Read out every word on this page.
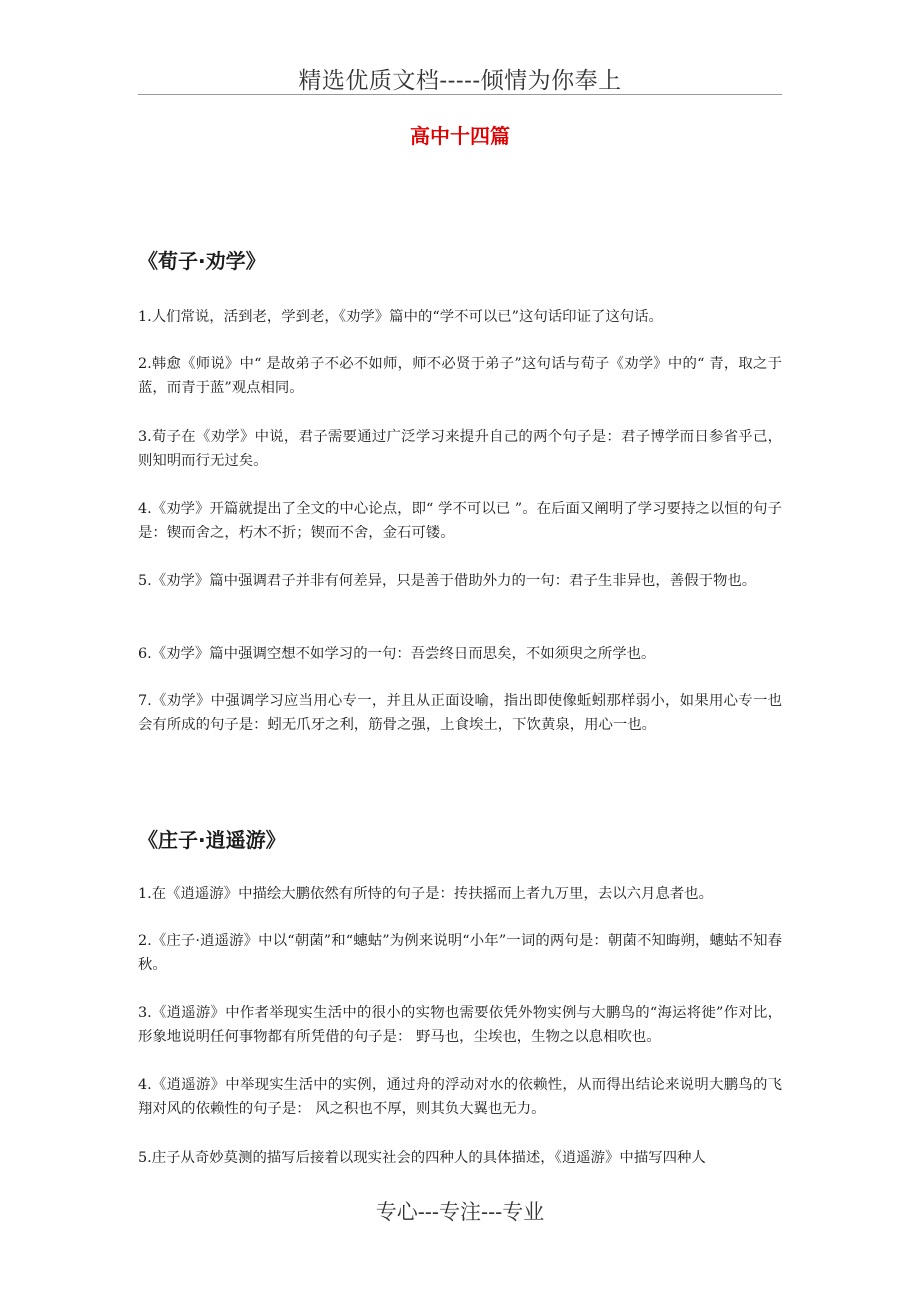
精选优质文档-----倾情为你奉上
高中十四篇
《荀子·劝学》
1.人们常说，活到老，学到老，《劝学》篇中的“学不可以已”这句话印证了这句话。
2.韩愈《师说》中“ 是故弟子不必不如师，师不必贤于弟子”这句话与荀子《劝学》中的“ 青，取之于蓝，而青于蓝”观点相同。
3.荀子在《劝学》中说，君子需要通过广泛学习来提升自己的两个句子是：君子博学而日参省乎己，则知明而行无过矣。
4.《劝学》开篇就提出了全文的中心论点，即“ 学不可以已 ”。在后面又阐明了学习要持之以恒的句子是：锲而舍之，朽木不折；锲而不舍，金石可镂。
5.《劝学》篇中强调君子并非有何差异，只是善于借助外力的一句：君子生非异也，善假于物也。
6.《劝学》篇中强调空想不如学习的一句：吾尝终日而思矣，不如须臾之所学也。
7.《劝学》中强调学习应当用心专一，并且从正面设喻，指出即使像蚯蚓那样弱小，如果用心专一也会有所成的句子是：蚓无爪牙之利，筋骨之强，上食埃土，下饮黄泉，用心一也。
《庄子·逍遥游》
1.在《逍遥游》中描绘大鹏依然有所恃的句子是：抟扶摇而上者九万里，去以六月息者也。
2.《庄子·逍遥游》中以“朝菌”和“蟪蛄”为例来说明“小年”一词的两句是：朝菌不知晦朔，蟪蛄不知春秋。
3.《逍遥游》中作者举现实生活中的很小的实物也需要依凭外物实例与大鹏鸟的“海运将徙”作对比，形象地说明任何事物都有所凭借的句子是： 野马也，尘埃也，生物之以息相吹也。
4.《逍遥游》中举现实生活中的实例，通过舟的浮动对水的依赖性，从而得出结论来说明大鹏鸟的飞翔对风的依赖性的句子是： 风之积也不厚，则其负大翼也无力。
5.庄子从奇妙莫测的描写后接着以现实社会的四种人的具体描述，《逍遥游》中描写四种人
专心---专注---专业
